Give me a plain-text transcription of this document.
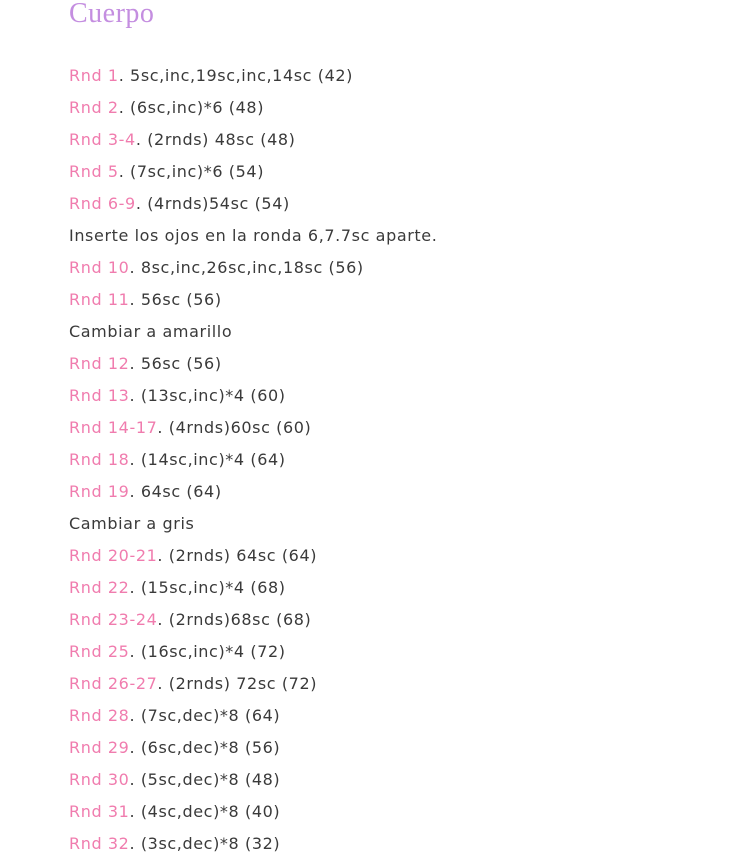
Cuerpo
Rnd 1. 5sc,inc,19sc,inc,14sc (42)
Rnd 2. (6sc,inc)*6 (48)
Rnd 3-4. (2rnds) 48sc (48)
Rnd 5. (7sc,inc)*6 (54)
Rnd 6-9. (4rnds)54sc (54)
Inserte los ojos en la ronda 6,7.7sc aparte.
Rnd 10. 8sc,inc,26sc,inc,18sc (56)
Rnd 11. 56sc (56)
Cambiar a amarillo
Rnd 12. 56sc (56)
Rnd 13. (13sc,inc)*4 (60)
Rnd 14-17. (4rnds)60sc (60)
Rnd 18. (14sc,inc)*4 (64)
Rnd 19. 64sc (64)
Cambiar a gris
Rnd 20-21. (2rnds) 64sc (64)
Rnd 22. (15sc,inc)*4 (68)
Rnd 23-24. (2rnds)68sc (68)
Rnd 25. (16sc,inc)*4 (72)
Rnd 26-27. (2rnds) 72sc (72)
Rnd 28. (7sc,dec)*8 (64)
Rnd 29. (6sc,dec)*8 (56)
Rnd 30. (5sc,dec)*8 (48)
Rnd 31. (4sc,dec)*8 (40)
Rnd 32. (3sc,dec)*8 (32)
